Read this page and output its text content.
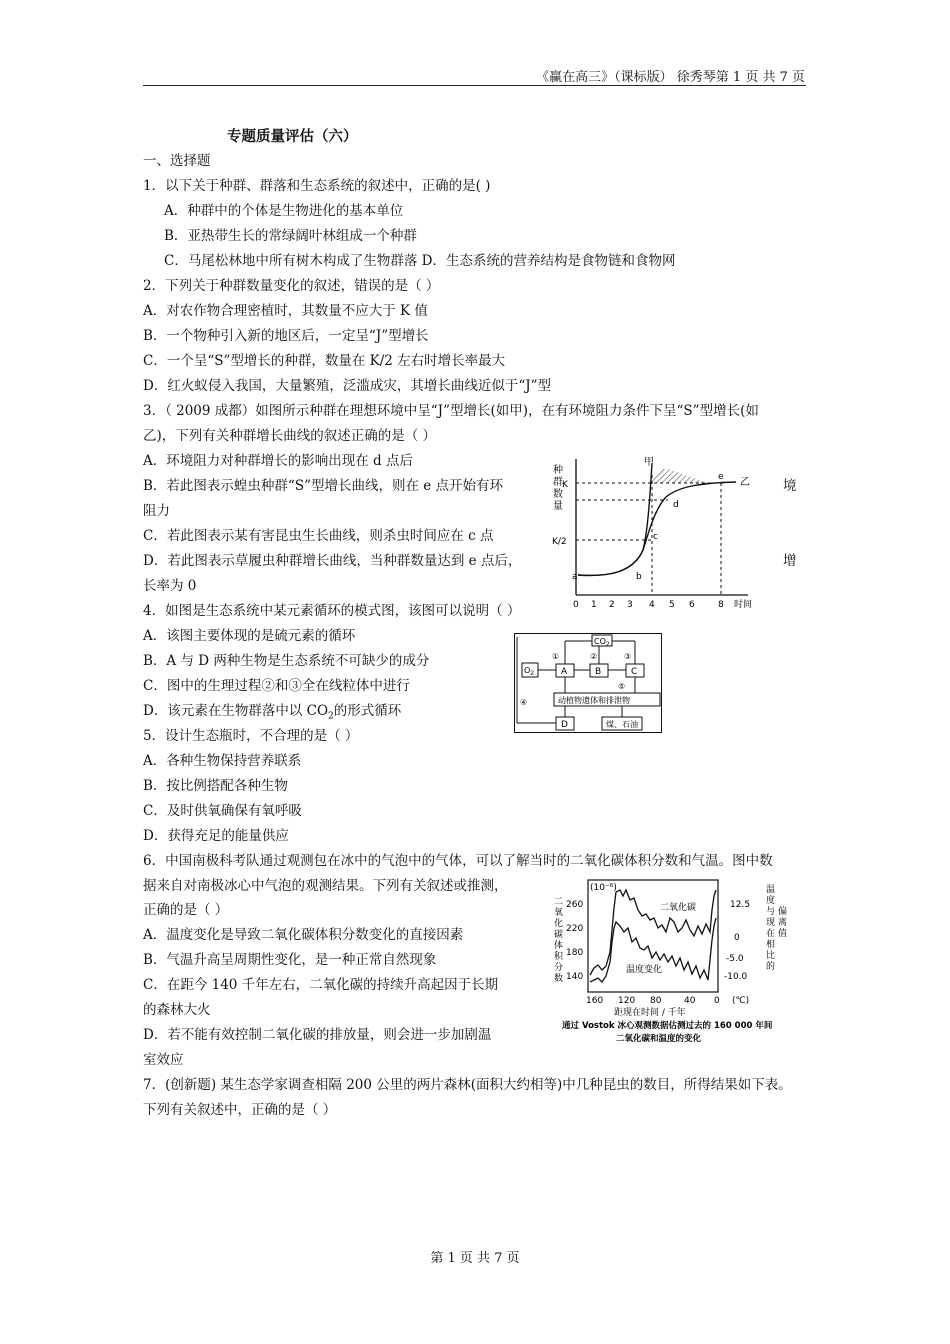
《赢在高三》（课标版） 徐秀琴第 1 页 共 7 页
专题质量评估（六）
一、选择题
1．以下关于种群、群落和生态系统的叙述中，正确的是( )
A．种群中的个体是生物进化的基本单位
B．亚热带生长的常绿阔叶林组成一个种群
C．马尾松林地中所有树木构成了生物群落 D．生态系统的营养结构是食物链和食物网
2．下列关于种群数量变化的叙述，错误的是（ ）
A．对农作物合理密植时，其数量不应大于 K 值
B．一个物种引入新的地区后，一定呈“J”型增长
C．一个呈“S”型增长的种群，数量在 K/2 左右时增长率最大
D．红火蚁侵入我国，大量繁殖，泛滥成灾，其增长曲线近似于“J”型
3．（ 2009 成都）如图所示种群在理想环境中呈“J”型增长(如甲)，在有环境阻力条件下呈“S”型增长(如
乙)，下列有关种群增长曲线的叙述正确的是（ ）
A．环境阻力对种群增长的影响出现在 d 点后
B．若此图表示蝗虫种群“S”型增长曲线，则在 e 点开始有环	境
阻力
C．若此图表示某有害昆虫生长曲线，则杀虫时间应在 c 点
D．若此图表示草履虫种群增长曲线，当种群数量达到 e 点后，	增
长率为 0
4．如图是生态系统中某元素循环的模式图，该图可以说明（ ）
A．该图主要体现的是硫元素的循环
B．A 与 D 两种生物是生态系统不可缺少的成分
C．图中的生理过程②和③全在线粒体中进行
D．该元素在生物群落中以 $CO_2$的形式循环
5．设计生态瓶时，不合理的是（ ）
A．各种生物保持营养联系
B．按比例搭配各种生物
C．及时供氧确保有氧呼吸
D．获得充足的能量供应
6．中国南极科考队通过观测包在冰中的气泡中的气体，可以了解当时的二氧化碳体积分数和气温。图中数
据来自对南极冰心中气泡的观测结果。下列有关叙述或推测，
正确的是（ ）
A．温度变化是导致二氧化碳体积分数变化的直接因素
B．气温升高呈周期性变化，是一种正常自然现象
C．在距今 140 千年左右，二氧化碳的持续升高起因于长期
的森林大火
D．若不能有效控制二氧化碳的排放量，则会进一步加剧温
室效应
7．(创新题) 某生态学家调查相隔 200 公里的两片森林(面积大约相等)中几种昆虫的数目，所得结果如下表。
下列有关叙述中，正确的是（ ）
种
群
数
量
K
K/2
甲
乙
a	b
c
d
e
0 1 2 3 4 5 6	8 时间
$CO_2$
$O_2$	A	B	C
动植物遗体和排泄物
D	煤、石油
①	②	③
④
⑤
(10⁻⁶)
二
氧
化
碳
体
积
分
数
260
220
180
140
12.5
0
-5.0
-10.0
温
度
与
现
在
相
比
的
偏
离
值
(℃)
二氧化碳
温度变化
160 120 80	40 0
距现在时间 / 千年
通过 Vostok 冰心观测数据估测过去的 160 000 年间
二氧化碳和温度的变化
第 1 页 共 7 页
